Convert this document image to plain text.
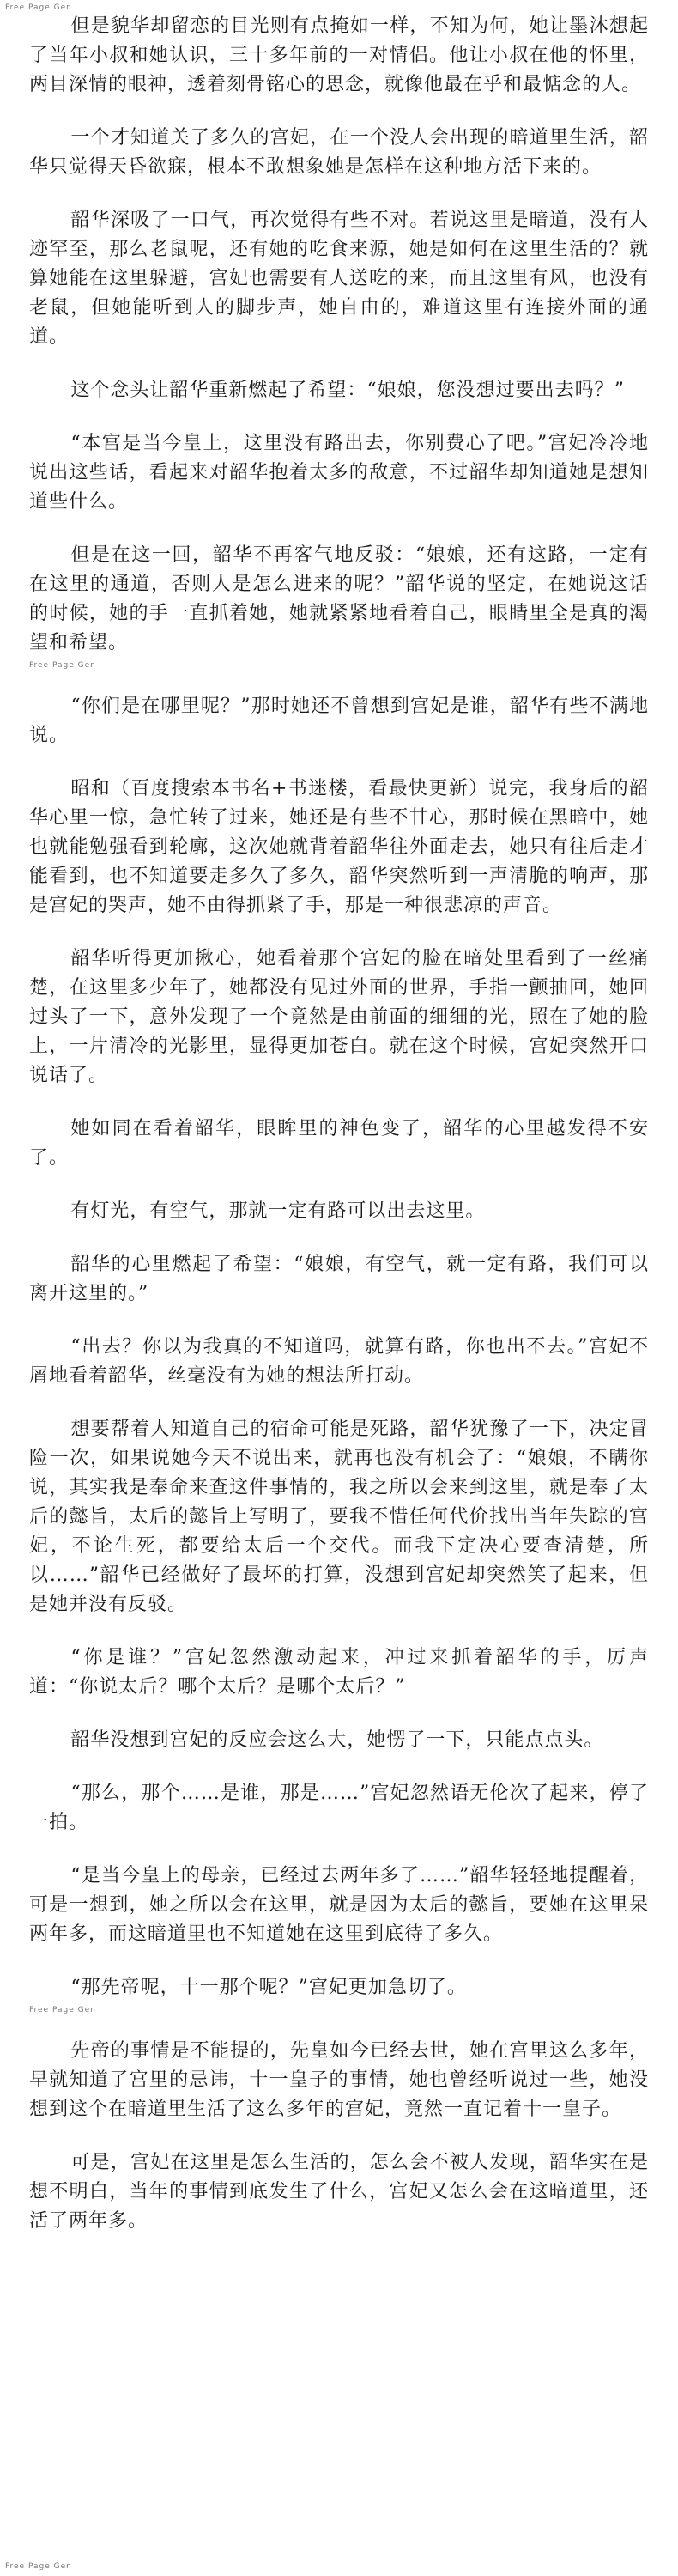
Free Page Gen

但是貌华却留恋的目光则有点掩如一样，不知为何，她让墨沐想起了当年小叔和她认识，三十多年前的一对情侣。他让小叔在他的怀里，两目深情的眼神，透着刻骨铭心的思念，就像他最在乎和最惦念的人。

一个才知道关了多久的宫妃，在一个没人会出现的暗道里生活，韶华只觉得天昏欲寐，根本不敢想象她是怎样在这种地方活下来的。

韶华深吸了一口气，再次觉得有些不对。若说这里是暗道，没有人迹罕至，那么老鼠呢，还有她的吃食来源，她是如何在这里生活的？就算她能在这里躲避，宫妃也需要有人送吃的来，而且这里有风，也没有老鼠，但她能听到人的脚步声，她自由的，难道这里有连接外面的通道。

这个念头让韶华重新燃起了希望：“娘娘，您没想过要出去吗？”

“本宫是当今皇上，这里没有路出去，你别费心了吧。”宫妃冷冷地说出这些话，看起来对韶华抱着太多的敌意，不过韶华却知道她是想知道些什么。

但是在这一回，韶华不再客气地反驳：“娘娘，还有这路，一定有在这里的通道，否则人是怎么进来的呢？”韶华说的坚定，在她说这话的时候，她的手一直抓着她，她就紧紧地看着自己，眼睛里全是真的渴望和希望。

Free Page Gen

“你们是在哪里呢？”那时她还不曾想到宫妃是谁，韶华有些不满地说。

昭和（百度搜索本书名+书迷楼，看最快更新）说完，我身后的韶华心里一惊，急忙转了过来，她还是有些不甘心，那时候在黑暗中，她也就能勉强看到轮廓，这次她就背着韶华往外面走去，她只有往后走才能看到，也不知道要走多久了多久，韶华突然听到一声清脆的响声，那是宫妃的哭声，她不由得抓紧了手，那是一种很悲凉的声音。

韶华听得更加揪心，她看着那个宫妃的脸在暗处里看到了一丝痛楚，在这里多少年了，她都没有见过外面的世界，手指一颤抽回，她回过头了一下，意外发现了一个竟然是由前面的细细的光，照在了她的脸上，一片清冷的光影里，显得更加苍白。就在这个时候，宫妃突然开口说话了。

她如同在看着韶华，眼眸里的神色变了，韶华的心里越发得不安了。

有灯光，有空气，那就一定有路可以出去这里。

韶华的心里燃起了希望：“娘娘，有空气，就一定有路，我们可以离开这里的。”

“出去？你以为我真的不知道吗，就算有路，你也出不去。”宫妃不屑地看着韶华，丝毫没有为她的想法所打动。

想要帮着人知道自己的宿命可能是死路，韶华犹豫了一下，决定冒险一次，如果说她今天不说出来，就再也没有机会了：“娘娘，不瞒你说，其实我是奉命来查这件事情的，我之所以会来到这里，就是奉了太后的懿旨，太后的懿旨上写明了，要我不惜任何代价找出当年失踪的宫妃，不论生死，都要给太后一个交代。而我下定决心要查清楚，所以……”韶华已经做好了最坏的打算，没想到宫妃却突然笑了起来，但是她并没有反驳。

“你是谁？”宫妃忽然激动起来，冲过来抓着韶华的手，厉声道：“你说太后？哪个太后？是哪个太后？”

韶华没想到宫妃的反应会这么大，她愣了一下，只能点点头。

“那么，那个……是谁，那是……”宫妃忽然语无伦次了起来，停了一拍。

“是当今皇上的母亲，已经过去两年多了……”韶华轻轻地提醒着，可是一想到，她之所以会在这里，就是因为太后的懿旨，要她在这里呆两年多，而这暗道里也不知道她在这里到底待了多久。

“那先帝呢，十一那个呢？”宫妃更加急切了。

Free Page Gen

先帝的事情是不能提的，先皇如今已经去世，她在宫里这么多年，早就知道了宫里的忌讳，十一皇子的事情，她也曾经听说过一些，她没想到这个在暗道里生活了这么多年的宫妃，竟然一直记着十一皇子。

可是，宫妃在这里是怎么生活的，怎么会不被人发现，韶华实在是想不明白，当年的事情到底发生了什么，宫妃又怎么会在这暗道里，还活了两年多。

Free Page Gen
